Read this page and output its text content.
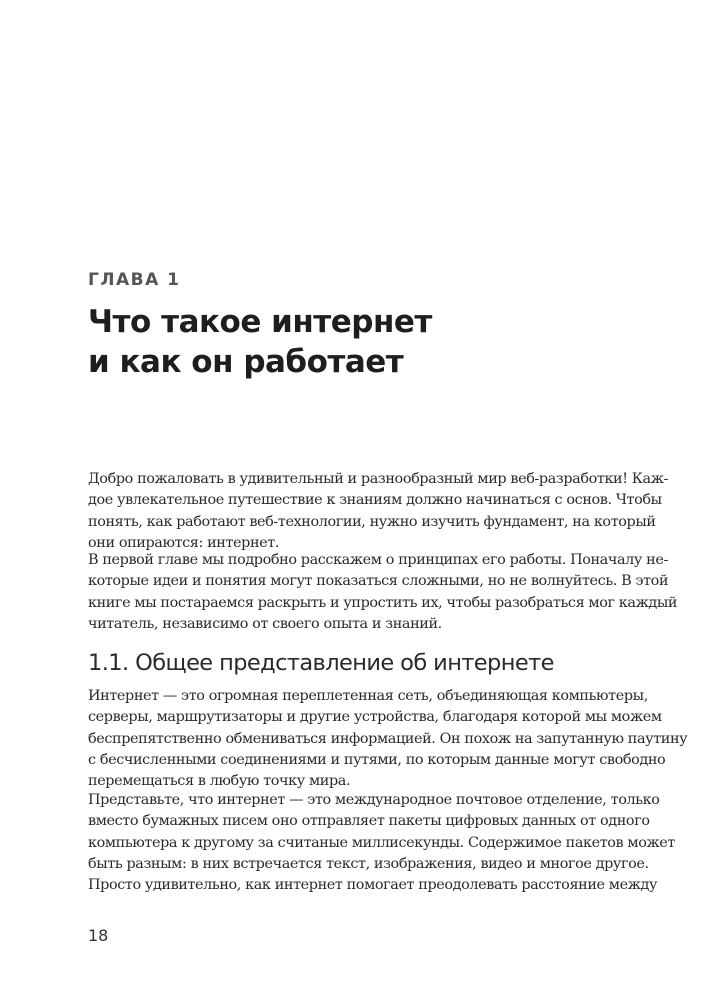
ГЛАВА 1

Что такое интернет
и как он работает

Добро пожаловать в удивительный и разнообразный мир веб-разработки! Каж-
дое увлекательное путешествие к знаниям должно начинаться с основ. Чтобы
понять, как работают веб-технологии, нужно изучить фундамент, на который
они опираются: интернет.

В первой главе мы подробно расскажем о принципах его работы. Поначалу не-
которые идеи и понятия могут показаться сложными, но не волнуйтесь. В этой
книге мы постараемся раскрыть и упростить их, чтобы разобраться мог каждый
читатель, независимо от своего опыта и знаний.

1.1. Общее представление об интернете

Интернет — это огромная переплетенная сеть, объединяющая компьютеры,
серверы, маршрутизаторы и другие устройства, благодаря которой мы можем
беспрепятственно обмениваться информацией. Он похож на запутанную паутину
с бесчисленными соединениями и путями, по которым данные могут свободно
перемещаться в любую точку мира.

Представьте, что интернет — это международное почтовое отделение, только
вместо бумажных писем оно отправляет пакеты цифровых данных от одного
компьютера к другому за считаные миллисекунды. Содержимое пакетов может
быть разным: в них встречается текст, изображения, видео и многое другое.
Просто удивительно, как интернет помогает преодолевать расстояние между

18
